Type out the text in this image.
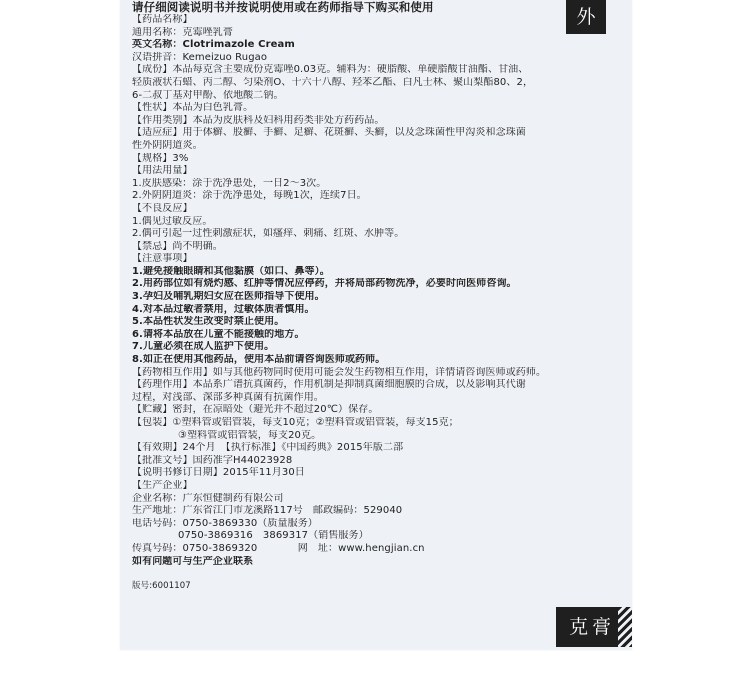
外
请仔细阅读说明书并按说明使用或在药师指导下购买和使用
【药品名称】
通用名称：克霉唑乳膏
英文名称：Clotrimazole Cream
汉语拼音：Kemeizuo Rugao
【成份】本品每克含主要成份克霉唑0.03克。辅料为：硬脂酸、单硬脂酸甘油酯、甘油、
轻质液状石蜡、丙二醇、匀染剂O、十六十八醇、羟苯乙酯、白凡士林、聚山梨酯80、2，
6-二叔丁基对甲酚、依地酸二钠。
【性状】本品为白色乳膏。
【作用类别】本品为皮肤科及妇科用药类非处方药药品。
【适应症】用于体癣、股癣、手癣、足癣、花斑癣、头癣，以及念珠菌性甲沟炎和念珠菌
性外阴阴道炎。
【规格】3%
【用法用量】
1.皮肤感染：涂于洗净患处，一日2～3次。
2.外阴阴道炎：涂于洗净患处，每晚1次，连续7日。
【不良反应】
1.偶见过敏反应。
2.偶可引起一过性刺激症状，如瘙痒、刺痛、红斑、水肿等。
【禁忌】尚不明确。
【注意事项】
1.避免接触眼睛和其他黏膜（如口、鼻等）。
2.用药部位如有烧灼感、红肿等情况应停药，并将局部药物洗净，必要时向医师咨询。
3.孕妇及哺乳期妇女应在医师指导下使用。
4.对本品过敏者禁用，过敏体质者慎用。
5.本品性状发生改变时禁止使用。
6.请将本品放在儿童不能接触的地方。
7.儿童必须在成人监护下使用。
8.如正在使用其他药品，使用本品前请咨询医师或药师。
【药物相互作用】如与其他药物同时使用可能会发生药物相互作用，详情请咨询医师或药师。
【药理作用】本品系广谱抗真菌药，作用机制是抑制真菌细胞膜的合成，以及影响其代谢
过程，对浅部、深部多种真菌有抗菌作用。
【贮藏】密封，在凉暗处（避光并不超过20℃）保存。
【包装】①塑料管或铝管装，每支10克；②塑料管或铝管装，每支15克；
③塑料管或铝管装，每支20克。
【有效期】24个月　【执行标准】《中国药典》2015年版二部
【批准文号】国药准字H44023928
【说明书修订日期】2015年11月30日
【生产企业】
企业名称：广东恒健制药有限公司
生产地址：广东省江门市龙溪路117号　邮政编码：529040
电话号码：0750-3869330（质量服务）
0750-3869316　3869317（销售服务）
传真号码：0750-3869320　　　　网　址：www.hengjian.cn
如有问题可与生产企业联系
版号:6001107
克膏
